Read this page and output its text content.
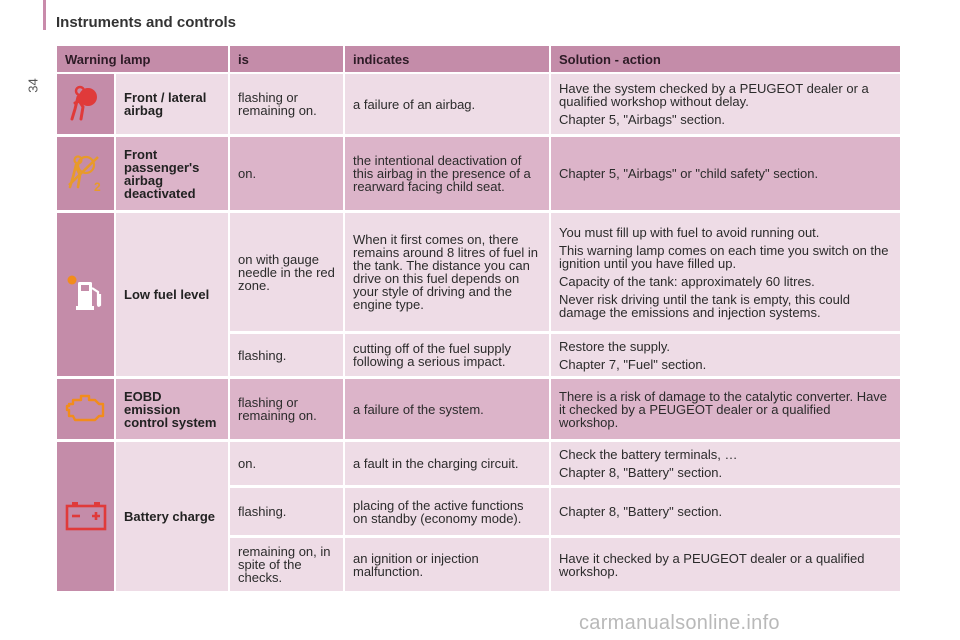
34
Instruments and controls
Warning lamp		is	indicates	Solution - action
	Front / lateral airbag	flashing or remaining on.	a failure of an airbag.	Have the system checked by a PEUGEOT dealer or a qualified workshop without delay.
Chapter 5, "Airbags" section.

2	Front passenger's airbag deactivated	on.	the intentional deactivation of this airbag in the presence of a rearward facing child seat.	Chapter 5, "Airbags" or "child safety" section.

	Low fuel level	on with gauge needle in the red zone.	When it first comes on, there remains around 8 litres of fuel in the tank. The distance you can drive on this fuel depends on your style of driving and the engine type.	You must fill up with fuel to avoid running out.
This warning lamp comes on each time you switch on the ignition until you have filled up.
Capacity of the tank: approximately 60 litres.
Never risk driving until the tank is empty, this could damage the emissions and injection systems.

		flashing.	cutting off of the fuel supply following a serious impact.	Restore the supply.
Chapter 7, "Fuel" section.

	EOBD emission control system	flashing or remaining on.	a failure of the system.	There is a risk of damage to the catalytic converter. Have it checked by a PEUGEOT dealer or a qualified workshop.

	Battery charge	on.	a fault in the charging circuit.	Check the battery terminals, …
Chapter 8, "Battery" section.

		flashing.	placing of the active functions on standby (economy mode).	Chapter 8, "Battery" section.

		remaining on, in spite of the checks.	an ignition or injection malfunction.	Have it checked by a PEUGEOT dealer or a qualified workshop.
carmanualsonline.info
